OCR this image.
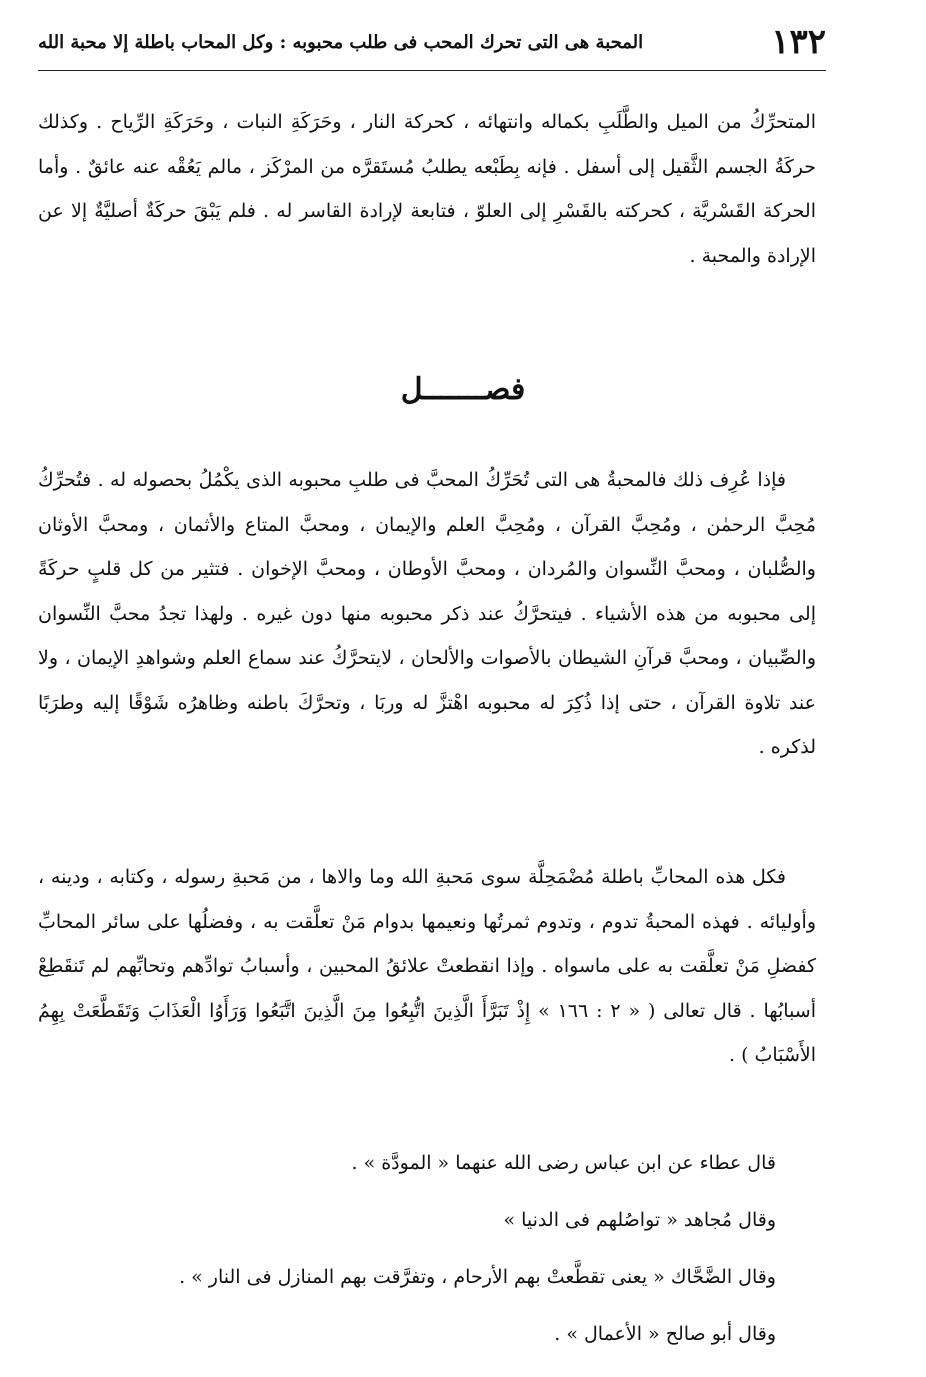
١٣٢
المحبة هى التى تحرك المحب فى طلب محبوبه : وكل المحاب باطلة إلا محبة الله
المتحرِّكُ من الميل والطَّلَبِ بكماله وانتهائه ، كحركة النار ، وحَرَكَةِ النبات ، وحَرَكَةِ الرِّياح . وكذلك حركَةُ الجسم الثَّقيل إلى أسفل . فإنه بِطَبْعه يطلبُ مُستَقرَّه من المرْكَز ، مالم يَعُقْه عنه عائقٌ . وأما الحركة القَسْريَّة ، كحركته بالقَسْرِ إلى العلوّ ، فتابعة لإرادة القاسر له . فلم يَبْقَ حركَةٌ أصليَّةٌ إلا عن الإرادة والمحبة .
فصـــــــل
فإذا عُرِف ذلك فالمحبةُ هى التى تُحَرِّكُ المحبَّ فى طلبِ محبوبه الذى يكْمُلُ بحصوله له . فتُحرِّكُ مُحِبَّ الرحمٰن ، ومُحِبَّ القرآن ، ومُحِبَّ العلم والإيمان ، ومحبَّ المتاع والأثمان ، ومحبَّ الأوثان والصُّلبان ، ومحبَّ النِّسوان والمُردان ، ومحبَّ الأوطان ، ومحبَّ الإخوان . فتثير من كل قلبٍ حركَةً إلى محبوبه من هذه الأشياء . فيتحرَّكُ عند ذكر محبوبه منها دون غيره . ولهذا تجدُ محبَّ النِّسوان والصِّبيان ، ومحبَّ قرآنِ الشيطان بالأصوات والألحان ، لايتحرَّكُ عند سماع العلم وشواهدِ الإيمان ، ولا عند تلاوة القرآن ، حتى إذا ذُكِرَ له محبوبه اهْتزَّ له وربَا ، وتحرَّكَ باطنه وظاهرُه شَوْقًا إليه وطرَبًا لذكره .
فكل هذه المحابِّ باطلة مُضْمَحِلَّة سوى مَحبةِ الله وما والاها ، من مَحبةِ رسوله ، وكتابه ، ودينه ، وأوليائه . فهذه المحبةُ تدوم ، وتدوم ثمرتُها ونعيمها بدوام مَنْ تعلَّقت به ، وفضلُها على سائر المحابِّ كفضلِ مَنْ تعلَّقت به على ماسواه . وإذا انقطعتْ علائقُ المحبين ، وأسبابُ توادِّهم وتحابِّهم لم تَنقَطِعْ أسبابُها . قال تعالى ( « ٢ : ١٦٦ » إِذْ تَبَرَّأَ الَّذِينَ اتُّبِعُوا مِنَ الَّذِينَ اتَّبَعُوا وَرَأَوُا الْعَذَابَ وَتَقَطَّعَتْ بِهِمُ الأَسْبَابُ ) .
قال عطاء عن ابن عباس رضى الله عنهما « المودَّة » .
وقال مُجاهد « تواصُلهم فى الدنيا »
وقال الضَّحَّاك « يعنى تقطَّعتْ بهم الأرحام ، وتفرَّقت بهم المنازل فى النار » .
وقال أبو صالح « الأعمال » .
